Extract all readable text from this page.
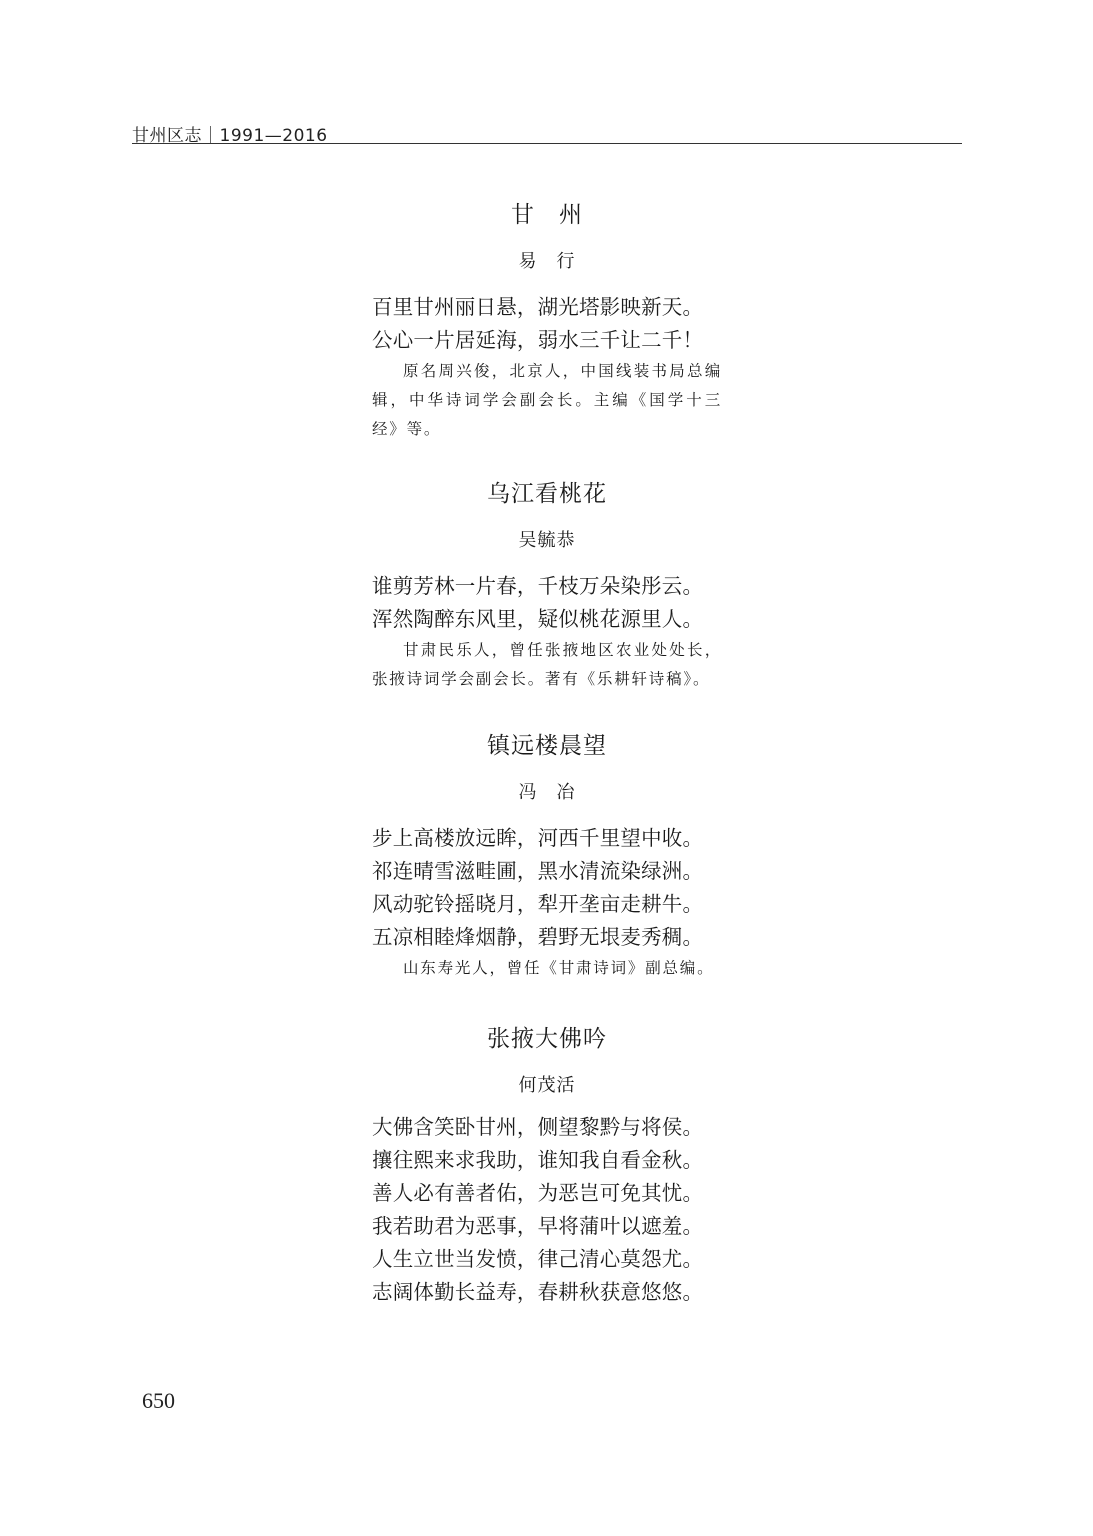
甘州区志｜1991—2016
甘　州
易　行
百里甘州丽日悬，湖光塔影映新天。
公心一片居延海，弱水三千让二千！

原名周兴俊，北京人，中国线装书局总编辑，中华诗词学会副会长。主编《国学十三经》等。

乌江看桃花
吴毓恭
谁剪芳林一片春，千枝万朵染彤云。
浑然陶醉东风里，疑似桃花源里人。

甘肃民乐人，曾任张掖地区农业处处长，张掖诗词学会副会长。著有《乐耕轩诗稿》。

镇远楼晨望
冯　冶
步上高楼放远眸，河西千里望中收。
祁连晴雪滋畦圃，黑水清流染绿洲。
风动驼铃摇晓月，犁开垄亩走耕牛。
五凉相睦烽烟静，碧野无垠麦秀稠。

山东寿光人，曾任《甘肃诗词》副总编。

张掖大佛吟
何茂活
大佛含笑卧甘州，侧望黎黔与将侯。
攘往熙来求我助，谁知我自看金秋。
善人必有善者佑，为恶岂可免其忧。
我若助君为恶事，早将蒲叶以遮羞。
人生立世当发愤，律己清心莫怨尤。
志阔体勤长益寿，春耕秋获意悠悠。
650
